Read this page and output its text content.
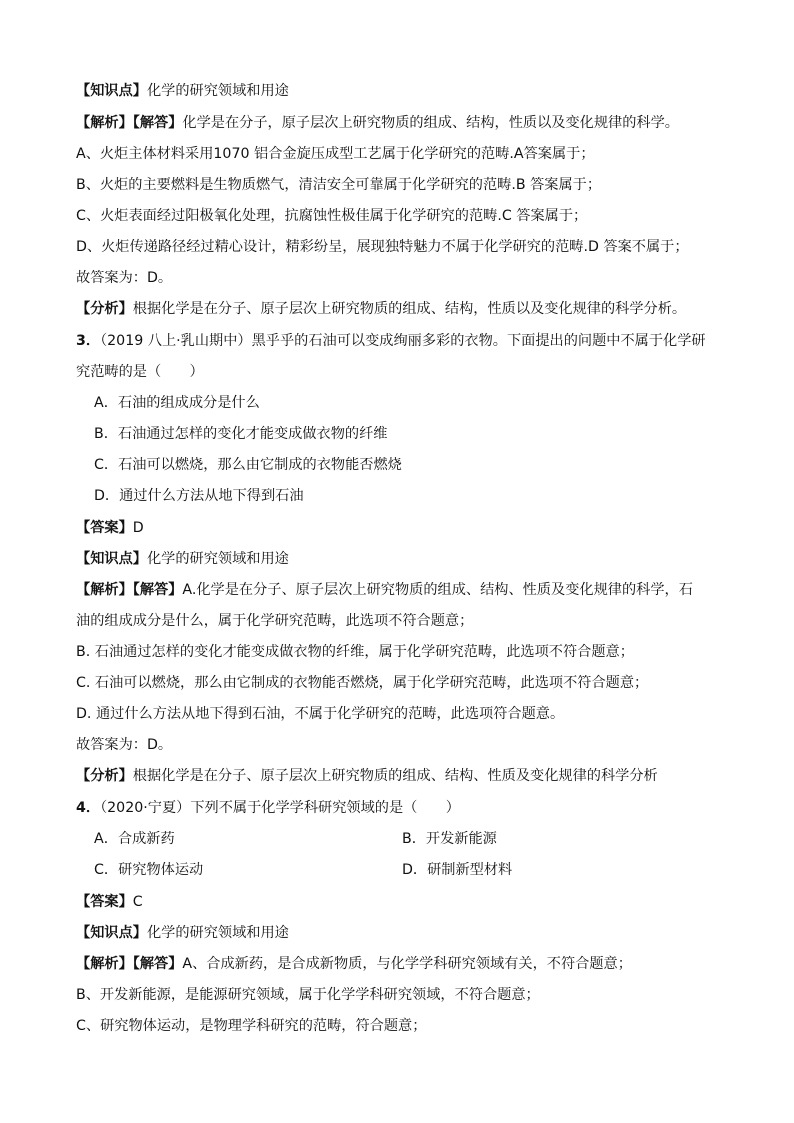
【知识点】化学的研究领域和用途
【解析】【解答】化学是在分子，原子层次上研究物质的组成、结构，性质以及变化规律的科学。
A、火炬主体材料采用1070 铝合金旋压成型工艺属于化学研究的范畴.A答案属于；
B、火炬的主要燃料是生物质燃气，清洁安全可靠属于化学研究的范畴.B 答案属于；
C、火炬表面经过阳极氧化处理，抗腐蚀性极佳属于化学研究的范畴.C 答案属于；
D、火炬传递路径经过精心设计，精彩纷呈，展现独特魅力不属于化学研究的范畴.D 答案不属于；
故答案为：D。
【分析】根据化学是在分子、原子层次上研究物质的组成、结构，性质以及变化规律的科学分析。
3．（2019 八上·乳山期中）黑乎乎的石油可以变成绚丽多彩的衣物。下面提出的问题中不属于化学研
究范畴的是（　　）
A．石油的组成成分是什么
B．石油通过怎样的变化才能变成做衣物的纤维
C．石油可以燃烧，那么由它制成的衣物能否燃烧
D．通过什么方法从地下得到石油
【答案】D
【知识点】化学的研究领域和用途
【解析】【解答】A.化学是在分子、原子层次上研究物质的组成、结构、性质及变化规律的科学，石
油的组成成分是什么，属于化学研究范畴，此选项不符合题意；
B. 石油通过怎样的变化才能变成做衣物的纤维，属于化学研究范畴，此选项不符合题意；
C. 石油可以燃烧，那么由它制成的衣物能否燃烧，属于化学研究范畴，此选项不符合题意；
D. 通过什么方法从地下得到石油，不属于化学研究的范畴，此选项符合题意。
故答案为：D。
【分析】根据化学是在分子、原子层次上研究物质的组成、结构、性质及变化规律的科学分析
4．（2020·宁夏）下列不属于化学学科研究领域的是（　　）
A．合成新药	B．开发新能源
C．研究物体运动	D．研制新型材料
【答案】C
【知识点】化学的研究领域和用途
【解析】【解答】A、合成新药，是合成新物质，与化学学科研究领域有关，不符合题意；
B、开发新能源，是能源研究领域，属于化学学科研究领域，不符合题意；
C、研究物体运动，是物理学科研究的范畴，符合题意；
